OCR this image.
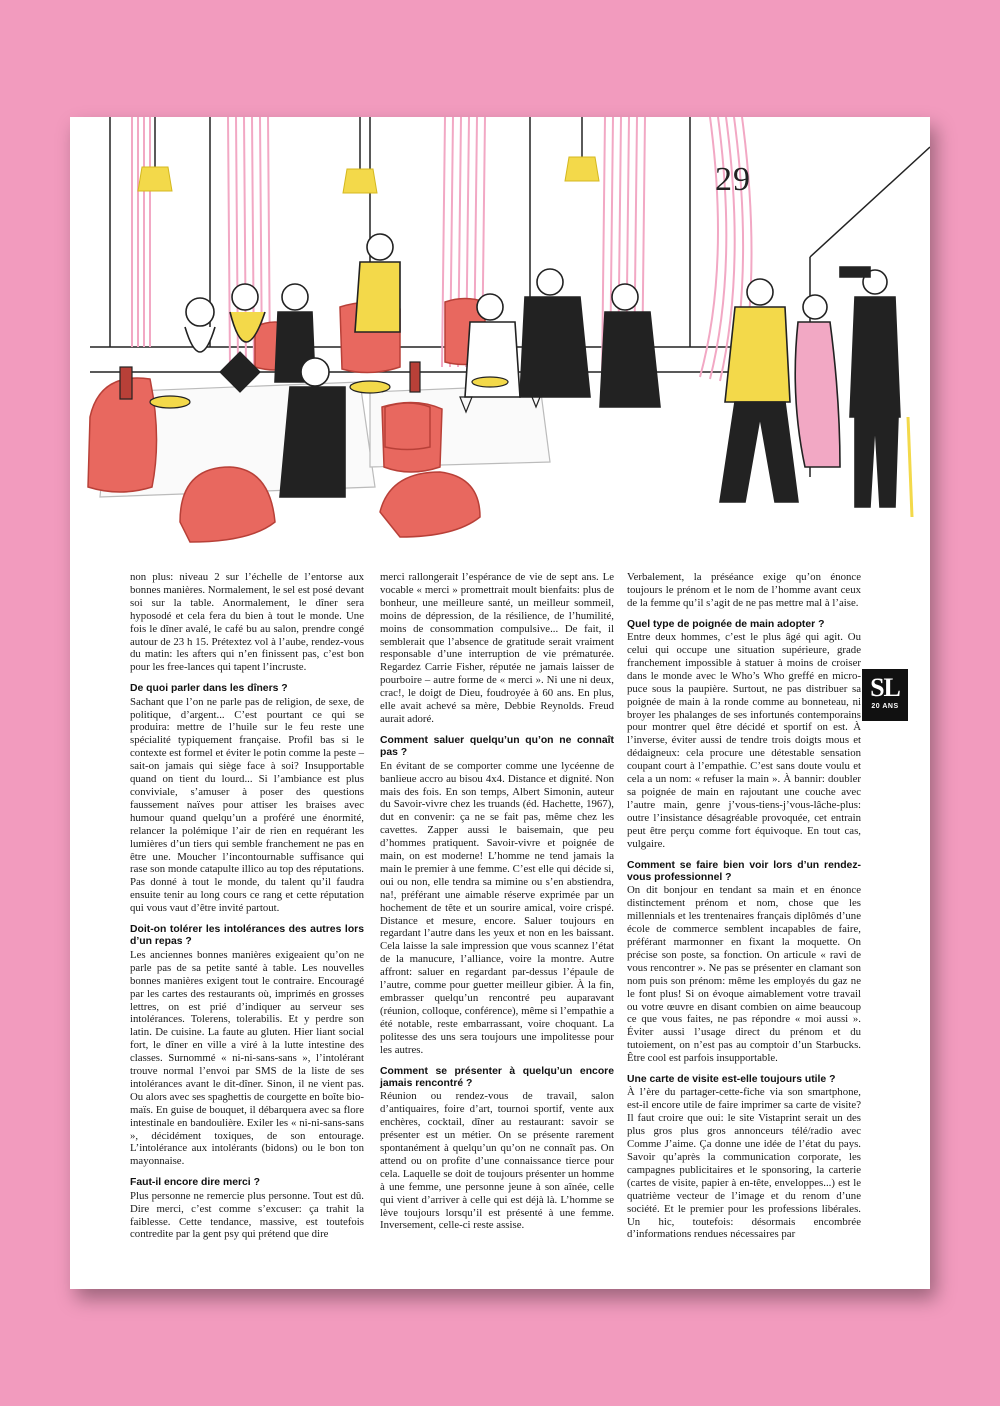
29

non plus: niveau 2 sur l’échelle de l’entorse aux bonnes manières. Normalement, le sel est posé devant soi sur la table. Anormalement, le dîner sera hyposodé et cela fera du bien à tout le monde. Une fois le dîner avalé, le café bu au salon, prendre congé autour de 23 h 15. Prétextez vol à l’aube, rendez-vous du matin: les afters qui n’en finissent pas, c’est bon pour les free-lances qui tapent l’incruste.

De quoi parler dans les dîners ?

Sachant que l’on ne parle pas de religion, de sexe, de politique, d’argent... C’est pourtant ce qui se produira: mettre de l’huile sur le feu reste une spécialité typiquement française. Profil bas si le contexte est formel et éviter le potin comme la peste – sait-on jamais qui siège face à soi? Insupportable quand on tient du lourd... Si l’ambiance est plus conviviale, s’amuser à poser des questions faussement naïves pour attiser les braises avec humour quand quelqu’un a proféré une énormité, relancer la polémique l’air de rien en requérant les lumières d’un tiers qui semble franchement ne pas en être une. Moucher l’incontournable suffisance qui rase son monde catapulte illico au top des réputations. Pas donné à tout le monde, du talent qu’il faudra ensuite tenir au long cours ce rang et cette réputation qui vous vaut d’être invité partout.

Doit-on tolérer les intolérances des autres lors d’un repas ?

Les anciennes bonnes manières exigeaient qu’on ne parle pas de sa petite santé à table. Les nouvelles bonnes manières exigent tout le contraire. Encouragé par les cartes des restaurants où, imprimés en grosses lettres, on est prié d’indiquer au serveur ses intolérances. Tolerens, tolerabilis. Et y perdre son latin. De cuisine. La faute au gluten. Hier liant social fort, le dîner en ville a viré à la lutte intestine des classes. Surnommé « ni-ni-sans-sans », l’intolérant trouve normal l’envoi par SMS de la liste de ses intolérances avant le dit-dîner. Sinon, il ne vient pas. Ou alors avec ses spaghettis de courgette en boîte bio-maïs. En guise de bouquet, il débarquera avec sa flore intestinale en bandoulière. Exiler les « ni-ni-sans-sans », décidément toxiques, de son entourage. L’intolérance aux intolérants (bidons) ou le bon ton mayonnaise.

Faut-il encore dire merci ?

Plus personne ne remercie plus personne. Tout est dû. Dire merci, c’est comme s’excuser: ça trahit la faiblesse. Cette tendance, massive, est toutefois contredite par la gent psy qui prétend que dire

merci rallongerait l’espérance de vie de sept ans. Le vocable « merci » promettrait moult bienfaits: plus de bonheur, une meilleure santé, un meilleur sommeil, moins de dépression, de la résilience, de l’humilité, moins de consommation compulsive... De fait, il semblerait que l’absence de gratitude serait vraiment responsable d’une interruption de vie prématurée. Regardez Carrie Fisher, réputée ne jamais laisser de pourboire – autre forme de « merci ». Ni une ni deux, crac!, le doigt de Dieu, foudroyée à 60 ans. En plus, elle avait achevé sa mère, Debbie Reynolds. Freud aurait adoré.

Comment saluer quelqu’un qu’on ne connaît pas ?

En évitant de se comporter comme une lycéenne de banlieue accro au bisou 4x4. Distance et dignité. Non mais des fois. En son temps, Albert Simonin, auteur du Savoir-vivre chez les truands (éd. Hachette, 1967), dut en convenir: ça ne se fait pas, même chez les cavettes. Zapper aussi le baisemain, que peu d’hommes pratiquent. Savoir-vivre et poignée de main, on est moderne! L’homme ne tend jamais la main le premier à une femme. C’est elle qui décide si, oui ou non, elle tendra sa mimine ou s’en abstiendra, na!, préférant une aimable réserve exprimée par un hochement de tête et un sourire amical, voire crispé. Distance et mesure, encore. Saluer toujours en regardant l’autre dans les yeux et non en les baissant. Cela laisse la sale impression que vous scannez l’état de la manucure, l’alliance, voire la montre. Autre affront: saluer en regardant par-dessus l’épaule de l’autre, comme pour guetter meilleur gibier. À la fin, embrasser quelqu’un rencontré peu auparavant (réunion, colloque, conférence), même si l’empathie a été notable, reste embarrassant, voire choquant. La politesse des uns sera toujours une impolitesse pour les autres.

Comment se présenter à quelqu’un encore jamais rencontré ?

Réunion ou rendez-vous de travail, salon d’antiquaires, foire d’art, tournoi sportif, vente aux enchères, cocktail, dîner au restaurant: savoir se présenter est un métier. On se présente rarement spontanément à quelqu’un qu’on ne connaît pas. On attend ou on profite d’une connaissance tierce pour cela. Laquelle se doit de toujours présenter un homme à une femme, une personne jeune à son aînée, celle qui vient d’arriver à celle qui est déjà là. L’homme se lève toujours lorsqu’il est présenté à une femme. Inversement, celle-ci reste assise.

Verbalement, la préséance exige qu’on énonce toujours le prénom et le nom de l’homme avant ceux de la femme qu’il s’agit de ne pas mettre mal à l’aise.

Quel type de poignée de main adopter ?

Entre deux hommes, c’est le plus âgé qui agit. Ou celui qui occupe une situation supérieure, grade franchement impossible à statuer à moins de croiser dans le monde avec le Who’s Who greffé en micro-puce sous la paupière. Surtout, ne pas distribuer sa poignée de main à la ronde comme au bonneteau, ni broyer les phalanges de ses infortunés contemporains pour montrer quel être décidé et sportif on est. À l’inverse, éviter aussi de tendre trois doigts mous et dédaigneux: cela procure une détestable sensation coupant court à l’empathie. C’est sans doute voulu et cela a un nom: « refuser la main ». À bannir: doubler sa poignée de main en rajoutant une couche avec l’autre main, genre j’vous-tiens-j’vous-lâche-plus: outre l’insistance désagréable provoquée, cet entrain peut être perçu comme fort équivoque. En tout cas, vulgaire.

Comment se faire bien voir lors d’un rendez-vous professionnel ?

On dit bonjour en tendant sa main et en énonce distinctement prénom et nom, chose que les millennials et les trentenaires français diplômés d’une école de commerce semblent incapables de faire, préférant marmonner en fixant la moquette. On précise son poste, sa fonction. On articule « ravi de vous rencontrer ». Ne pas se présenter en clamant son nom puis son prénom: même les employés du gaz ne le font plus! Si on évoque aimablement votre travail ou votre œuvre en disant combien on aime beaucoup ce que vous faites, ne pas répondre « moi aussi ». Éviter aussi l’usage direct du prénom et du tutoiement, on n’est pas au comptoir d’un Starbucks. Être cool est parfois insupportable.

Une carte de visite est-elle toujours utile ?

À l’ère du partager-cette-fiche via son smartphone, est-il encore utile de faire imprimer sa carte de visite? Il faut croire que oui: le site Vistaprint serait un des plus gros plus gros annonceurs télé/radio avec Comme J’aime. Ça donne une idée de l’état du pays. Savoir qu’après la communication corporate, les campagnes publicitaires et le sponsoring, la carterie (cartes de visite, papier à en-tête, enveloppes...) est le quatrième vecteur de l’image et du renom d’une société. Et le premier pour les professions libérales. Un hic, toutefois: désormais encombrée d’informations rendues nécessaires par

SL
20 ANS
